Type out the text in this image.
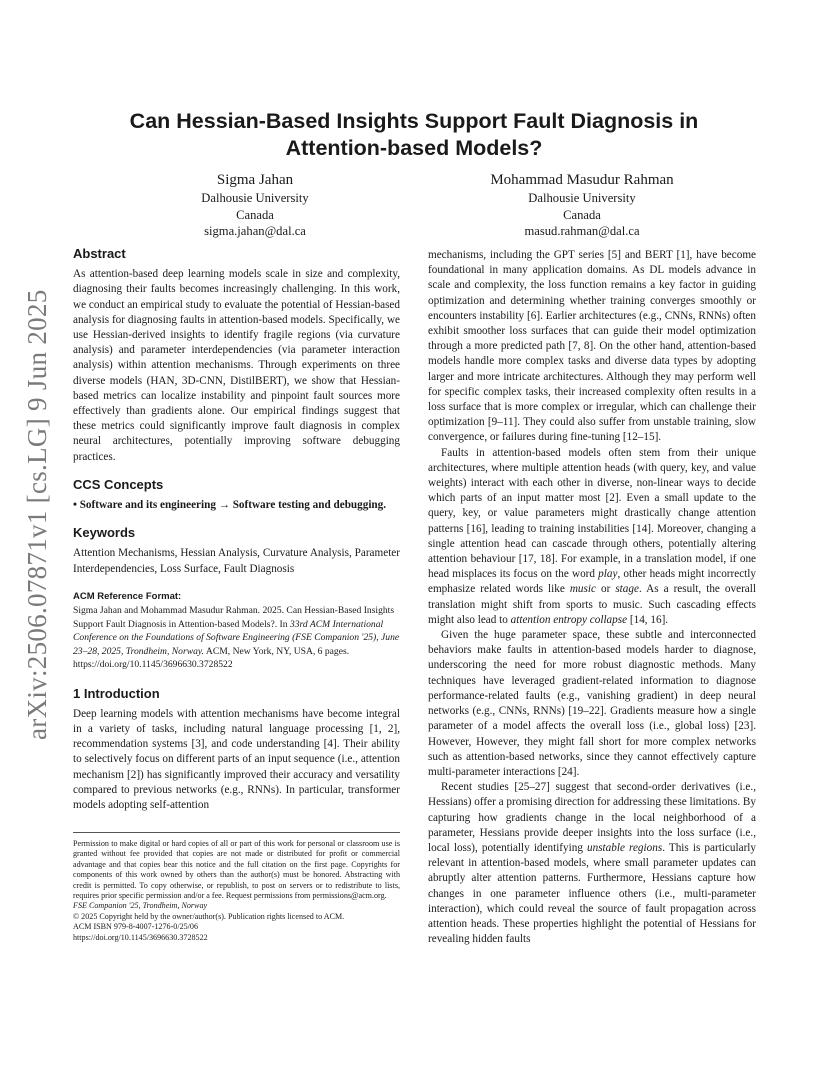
arXiv:2506.07871v1 [cs.LG] 9 Jun 2025
Can Hessian-Based Insights Support Fault Diagnosis in
Attention-based Models?
Sigma Jahan
Dalhousie University
Canada
sigma.jahan@dal.ca
Mohammad Masudur Rahman
Dalhousie University
Canada
masud.rahman@dal.ca
Abstract

As attention-based deep learning models scale in size and complexity, diagnosing their faults becomes increasingly challenging. In this work, we conduct an empirical study to evaluate the potential of Hessian-based analysis for diagnosing faults in attention-based models. Specifically, we use Hessian-derived insights to identify fragile regions (via curvature analysis) and parameter interdependencies (via parameter interaction analysis) within attention mechanisms. Through experiments on three diverse models (HAN, 3D-CNN, DistilBERT), we show that Hessian-based metrics can localize instability and pinpoint fault sources more effectively than gradients alone. Our empirical findings suggest that these metrics could significantly improve fault diagnosis in complex neural architectures, potentially improving software debugging practices.

CCS Concepts

• Software and its engineering → Software testing and debugging.

Keywords

Attention Mechanisms, Hessian Analysis, Curvature Analysis, Parameter Interdependencies, Loss Surface, Fault Diagnosis

ACM Reference Format:

Sigma Jahan and Mohammad Masudur Rahman. 2025. Can Hessian-Based Insights Support Fault Diagnosis in Attention-based Models?. In 33rd ACM International Conference on the Foundations of Software Engineering (FSE Companion '25), June 23–28, 2025, Trondheim, Norway. ACM, New York, NY, USA, 6 pages. https://doi.org/10.1145/3696630.3728522

1 Introduction

Deep learning models with attention mechanisms have become integral in a variety of tasks, including natural language processing [1, 2], recommendation systems [3], and code understanding [4]. Their ability to selectively focus on different parts of an input sequence (i.e., attention mechanism [2]) has significantly improved their accuracy and versatility compared to previous networks (e.g., RNNs). In particular, transformer models adopting self-attention

Permission to make digital or hard copies of all or part of this work for personal or classroom use is granted without fee provided that copies are not made or distributed for profit or commercial advantage and that copies bear this notice and the full citation on the first page. Copyrights for components of this work owned by others than the author(s) must be honored. Abstracting with credit is permitted. To copy otherwise, or republish, to post on servers or to redistribute to lists, requires prior specific permission and/or a fee. Request permissions from permissions@acm.org.
FSE Companion '25, Trondheim, Norway
© 2025 Copyright held by the owner/author(s). Publication rights licensed to ACM.
ACM ISBN 979-8-4007-1276-0/25/06
https://doi.org/10.1145/3696630.3728522

mechanisms, including the GPT series [5] and BERT [1], have become foundational in many application domains. As DL models advance in scale and complexity, the loss function remains a key factor in guiding optimization and determining whether training converges smoothly or encounters instability [6]. Earlier architectures (e.g., CNNs, RNNs) often exhibit smoother loss surfaces that can guide their model optimization through a more predicted path [7, 8]. On the other hand, attention-based models handle more complex tasks and diverse data types by adopting larger and more intricate architectures. Although they may perform well for specific complex tasks, their increased complexity often results in a loss surface that is more complex or irregular, which can challenge their optimization [9–11]. They could also suffer from unstable training, slow convergence, or failures during fine-tuning [12–15].

Faults in attention-based models often stem from their unique architectures, where multiple attention heads (with query, key, and value weights) interact with each other in diverse, non-linear ways to decide which parts of an input matter most [2]. Even a small update to the query, key, or value parameters might drastically change attention patterns [16], leading to training instabilities [14]. Moreover, changing a single attention head can cascade through others, potentially altering attention behaviour [17, 18]. For example, in a translation model, if one head misplaces its focus on the word play, other heads might incorrectly emphasize related words like music or stage. As a result, the overall translation might shift from sports to music. Such cascading effects might also lead to attention entropy collapse [14, 16].

Given the huge parameter space, these subtle and interconnected behaviors make faults in attention-based models harder to diagnose, underscoring the need for more robust diagnostic methods. Many techniques have leveraged gradient-related information to diagnose performance-related faults (e.g., vanishing gradient) in deep neural networks (e.g., CNNs, RNNs) [19–22]. Gradients measure how a single parameter of a model affects the overall loss (i.e., global loss) [23]. However, However, they might fall short for more complex networks such as attention-based networks, since they cannot effectively capture multi-parameter interactions [24].

Recent studies [25–27] suggest that second-order derivatives (i.e., Hessians) offer a promising direction for addressing these limitations. By capturing how gradients change in the local neighborhood of a parameter, Hessians provide deeper insights into the loss surface (i.e., local loss), potentially identifying unstable regions. This is particularly relevant in attention-based models, where small parameter updates can abruptly alter attention patterns. Furthermore, Hessians capture how changes in one parameter influence others (i.e., multi-parameter interaction), which could reveal the source of fault propagation across attention heads. These properties highlight the potential of Hessians for revealing hidden faults
